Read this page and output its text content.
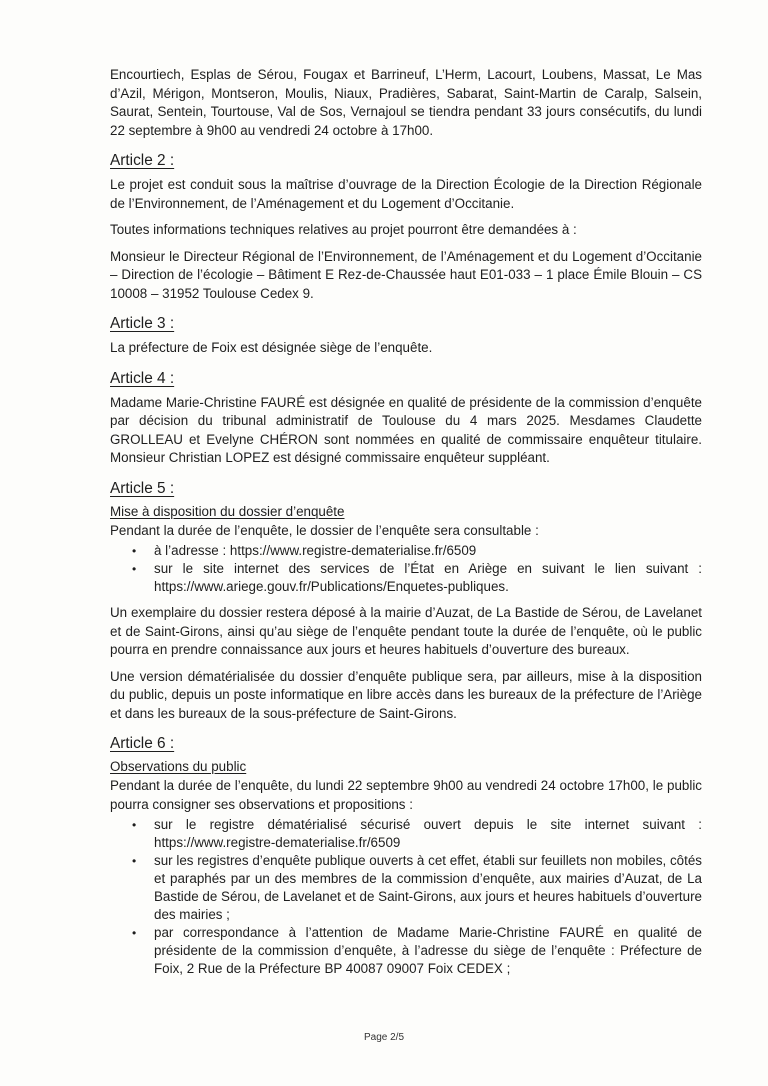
Encourtiech, Esplas de Sérou, Fougax et Barrineuf, L’Herm, Lacourt, Loubens, Massat, Le Mas d’Azil, Mérigon, Montseron, Moulis, Niaux, Pradières, Sabarat, Saint-Martin de Caralp, Salsein, Saurat, Sentein, Tourtouse, Val de Sos, Vernajoul se tiendra pendant 33 jours consécutifs, du lundi 22 septembre à 9h00 au vendredi 24 octobre à 17h00.

Article 2 :

Le projet est conduit sous la maîtrise d’ouvrage de la Direction Écologie de la Direction Régionale de l’Environnement, de l’Aménagement et du Logement d’Occitanie.

Toutes informations techniques relatives au projet pourront être demandées à :

Monsieur le Directeur Régional de l’Environnement, de l’Aménagement et du Logement d’Occitanie – Direction de l’écologie – Bâtiment E Rez-de-Chaussée haut E01-033 – 1 place Émile Blouin – CS 10008 – 31952 Toulouse Cedex 9.

Article 3 :

La préfecture de Foix est désignée siège de l’enquête.

Article 4 :

Madame Marie-Christine FAURÉ est désignée en qualité de présidente de la commission d’enquête par décision du tribunal administratif de Toulouse du 4 mars 2025. Mesdames Claudette GROLLEAU et Evelyne CHÉRON sont nommées en qualité de commissaire enquêteur titulaire. Monsieur Christian LOPEZ est désigné commissaire enquêteur suppléant.

Article 5 :
Mise à disposition du dossier d’enquête

Pendant la durée de l’enquête, le dossier de l’enquête sera consultable :

• à l’adresse : https://www.registre-dematerialise.fr/6509
• sur le site internet des services de l’État en Ariège en suivant le lien suivant : https://www.ariege.gouv.fr/Publications/Enquetes-publiques.

Un exemplaire du dossier restera déposé à la mairie d’Auzat, de La Bastide de Sérou, de Lavelanet et de Saint-Girons, ainsi qu’au siège de l’enquête pendant toute la durée de l’enquête, où le public pourra en prendre connaissance aux jours et heures habituels d’ouverture des bureaux.

Une version dématérialisée du dossier d’enquête publique sera, par ailleurs, mise à la disposition du public, depuis un poste informatique en libre accès dans les bureaux de la préfecture de l’Ariège et dans les bureaux de la sous-préfecture de Saint-Girons.

Article 6 :
Observations du public

Pendant la durée de l’enquête, du lundi 22 septembre 9h00 au vendredi 24 octobre 17h00, le public pourra consigner ses observations et propositions :

• sur le registre dématérialisé sécurisé ouvert depuis le site internet suivant : https://www.registre-dematerialise.fr/6509
• sur les registres d’enquête publique ouverts à cet effet, établi sur feuillets non mobiles, côtés et paraphés par un des membres de la commission d’enquête, aux mairies d’Auzat, de La Bastide de Sérou, de Lavelanet et de Saint-Girons, aux jours et heures habituels d’ouverture des mairies ;
• par correspondance à l’attention de Madame Marie-Christine FAURÉ en qualité de présidente de la commission d’enquête, à l’adresse du siège de l’enquête : Préfecture de Foix, 2 Rue de la Préfecture BP 40087 09007 Foix CEDEX ;
Page 2/5
